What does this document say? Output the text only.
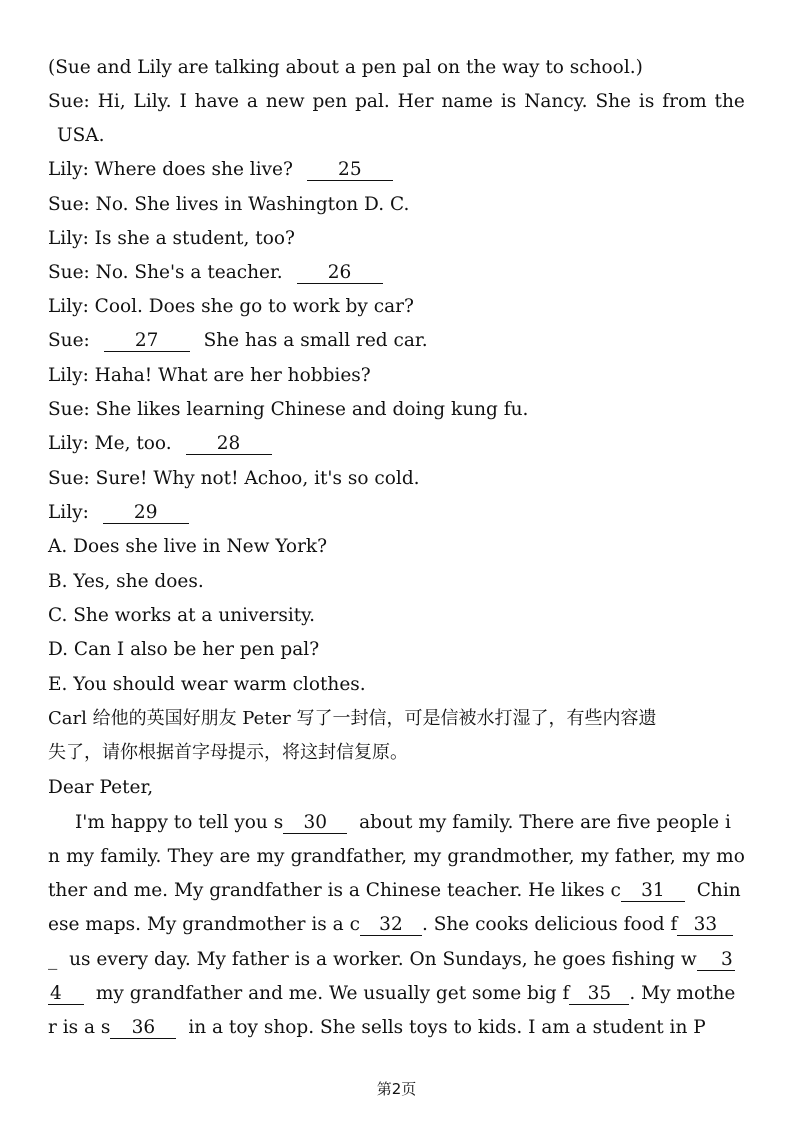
(Sue and Lily are talking about a pen pal on the way to school.)
Sue: Hi, Lily. I have a new pen pal. Her name is Nancy. She is from the
USA.
Lily: Where does she live? 25
Sue: No. She lives in Washington D. C.
Lily: Is she a student, too?
Sue: No. She's a teacher. 26
Lily: Cool. Does she go to work by car?
Sue: 27 She has a small red car.
Lily: Haha! What are her hobbies?
Sue: She likes learning Chinese and doing kung fu.
Lily: Me, too. 28
Sue: Sure! Why not! Achoo, it's so cold.
Lily: 29
A. Does she live in New York?
B. Yes, she does.
C. She works at a university.
D. Can I also be her pen pal?
E. You should wear warm clothes.
Carl 给他的英国好朋友 Peter 写了一封信，可是信被水打湿了，有些内容遗
失了，请你根据首字母提示，将这封信复原。
Dear Peter,
I'm happy to tell you s 30 about my family. There are five people i
n my family. They are my grandfather, my grandmother, my father, my mo
ther and me. My grandfather is a Chinese teacher. He likes c 31 Chin
ese maps. My grandmother is a c 32 . She cooks delicious food f 33
_ us every day. My father is a worker. On Sundays, he goes fishing w 3
4 my grandfather and me. We usually get some big f 35 . My mothe
r is a s 36 in a toy shop. She sells toys to kids. I am a student in P
第2页
